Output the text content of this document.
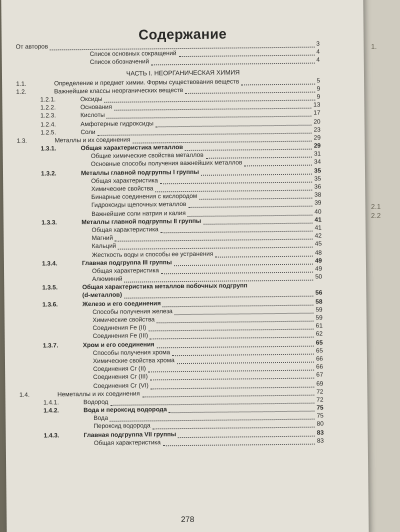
1.
2.1
2.2
Содержание
От авторов	3
Список основных сокращений	4
Список обозначений	4
ЧАСТЬ I. НЕОРГАНИЧЕСКАЯ ХИМИЯ
1.1.	Определение и предмет химии. Формы существования веществ	5
1.2.	Важнейшие классы неорганических веществ	9
1.2.1.	Оксиды	9
1.2.2.	Основания	13
1.2.3.	Кислоты	17
1.2.4.	Амфотерные гидроксиды	20
1.2.5.	Соли	23
1.3.	Металлы и их соединения	29
1.3.1.	Общая характеристика металлов	29
Общие химические свойства металлов	31
Основные способы получения важнейших металлов	34
1.3.2.	Металлы главной подгруппы I группы	35
Общая характеристика	35
Химические свойства	36
Бинарные соединения с кислородом	38
Гидроксиды щелочных металлов	39
Важнейшие соли натрия и калия	40
1.3.3.	Металлы главной подгруппы II группы	41
Общая характеристика	41
Магний	42
Кальций	45
Жесткость воды и способы ее устранения	48
1.3.4.	Главная подгруппа III группы	49
Общая характеристика	49
Алюминий	50
1.3.5.	Общая характеристика металлов побочных подгрупп
(d-металлов)	56
1.3.6.	Железо и его соединения	58
Способы получения железа	59
Химические свойства	59
Соединения Fe (II)	61
Соединения Fe (III)	62
1.3.7.	Хром и его соединения	65
Способы получения хрома	65
Химические свойства хрома	66
Соединения Cr (II)	66
Соединения Cr (III)	67
Соединения Cr (VI)	69
1.4.	Неметаллы и их соединения	72
1.4.1.	Водород	72
1.4.2.	Вода и пероксид водорода	75
Вода	75
Пероксид водорода	80
1.4.3.	Главная подгруппа VII группы	83
Общая характеристика	83
278
